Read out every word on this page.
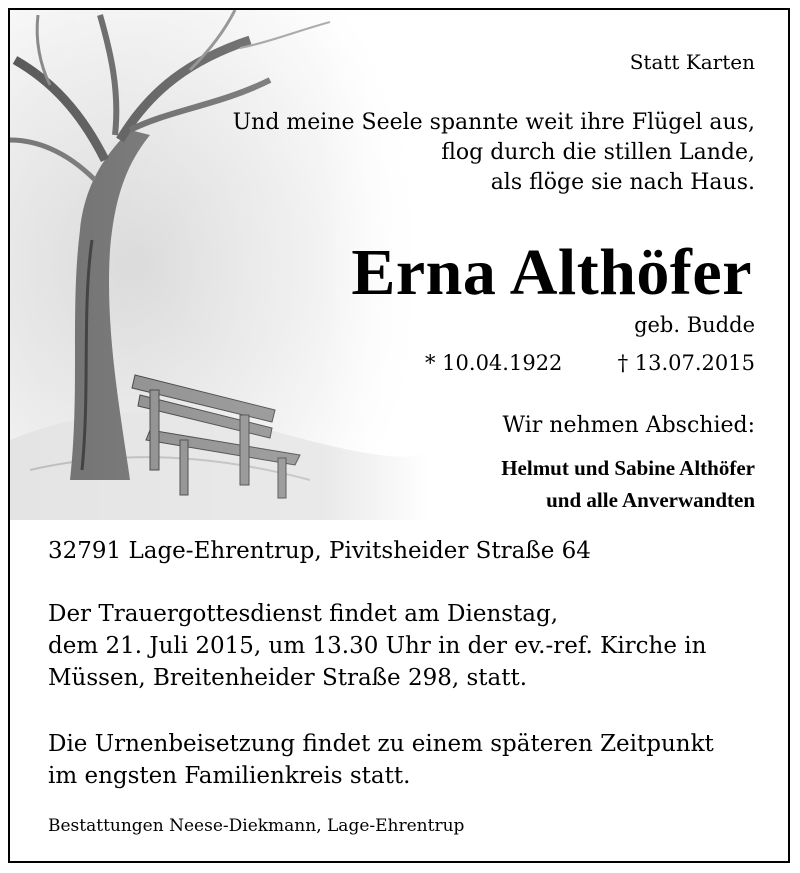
Statt Karten
Und meine Seele spannte weit ihre Flügel aus,
flog durch die stillen Lande,
als flöge sie nach Haus.
Erna Althöfer
geb. Budde
* 10.04.1922	† 13.07.2015
Wir nehmen Abschied:
Helmut und Sabine Althöfer
und alle Anverwandten
32791 Lage-Ehrentrup, Pivitsheider Straße 64
Der Trauergottesdienst findet am Dienstag,
dem 21. Juli 2015, um 13.30 Uhr in der ev.-ref. Kirche in
Müssen, Breitenheider Straße 298, statt.
Die Urnenbeisetzung findet zu einem späteren Zeitpunkt
im engsten Familienkreis statt.
Bestattungen Neese-Diekmann, Lage-Ehrentrup
